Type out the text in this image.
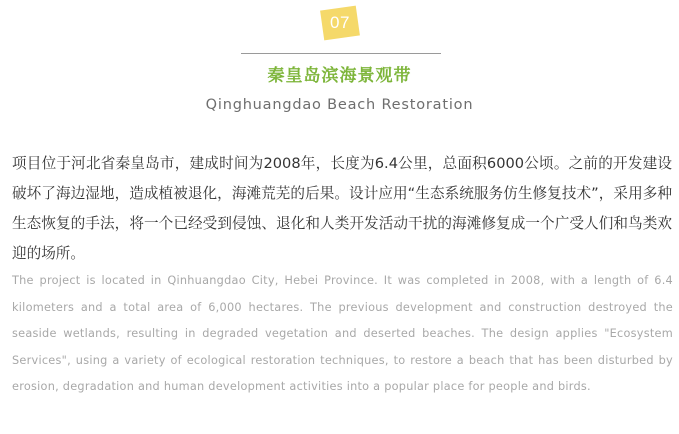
07
秦皇岛滨海景观带
Qinghuangdao Beach Restoration

项目位于河北省秦皇岛市，建成时间为2008年，长度为6.4公里，总面积6000公顷。之前的开发建设破坏了海边湿地，造成植被退化，海滩荒芜的后果。设计应用“生态系统服务仿生修复技术”，采用多种生态恢复的手法，将一个已经受到侵蚀、退化和人类开发活动干扰的海滩修复成一个广受人们和鸟类欢迎的场所。

The project is located in Qinhuangdao City, Hebei Province. It was completed in 2008, with a length of 6.4 kilometers and a total area of 6,000 hectares. The previous development and construction destroyed the seaside wetlands, resulting in degraded vegetation and deserted beaches. The design applies "Ecosystem Services", using a variety of ecological restoration techniques, to restore a beach that has been disturbed by erosion, degradation and human development activities into a popular place for people and birds.
